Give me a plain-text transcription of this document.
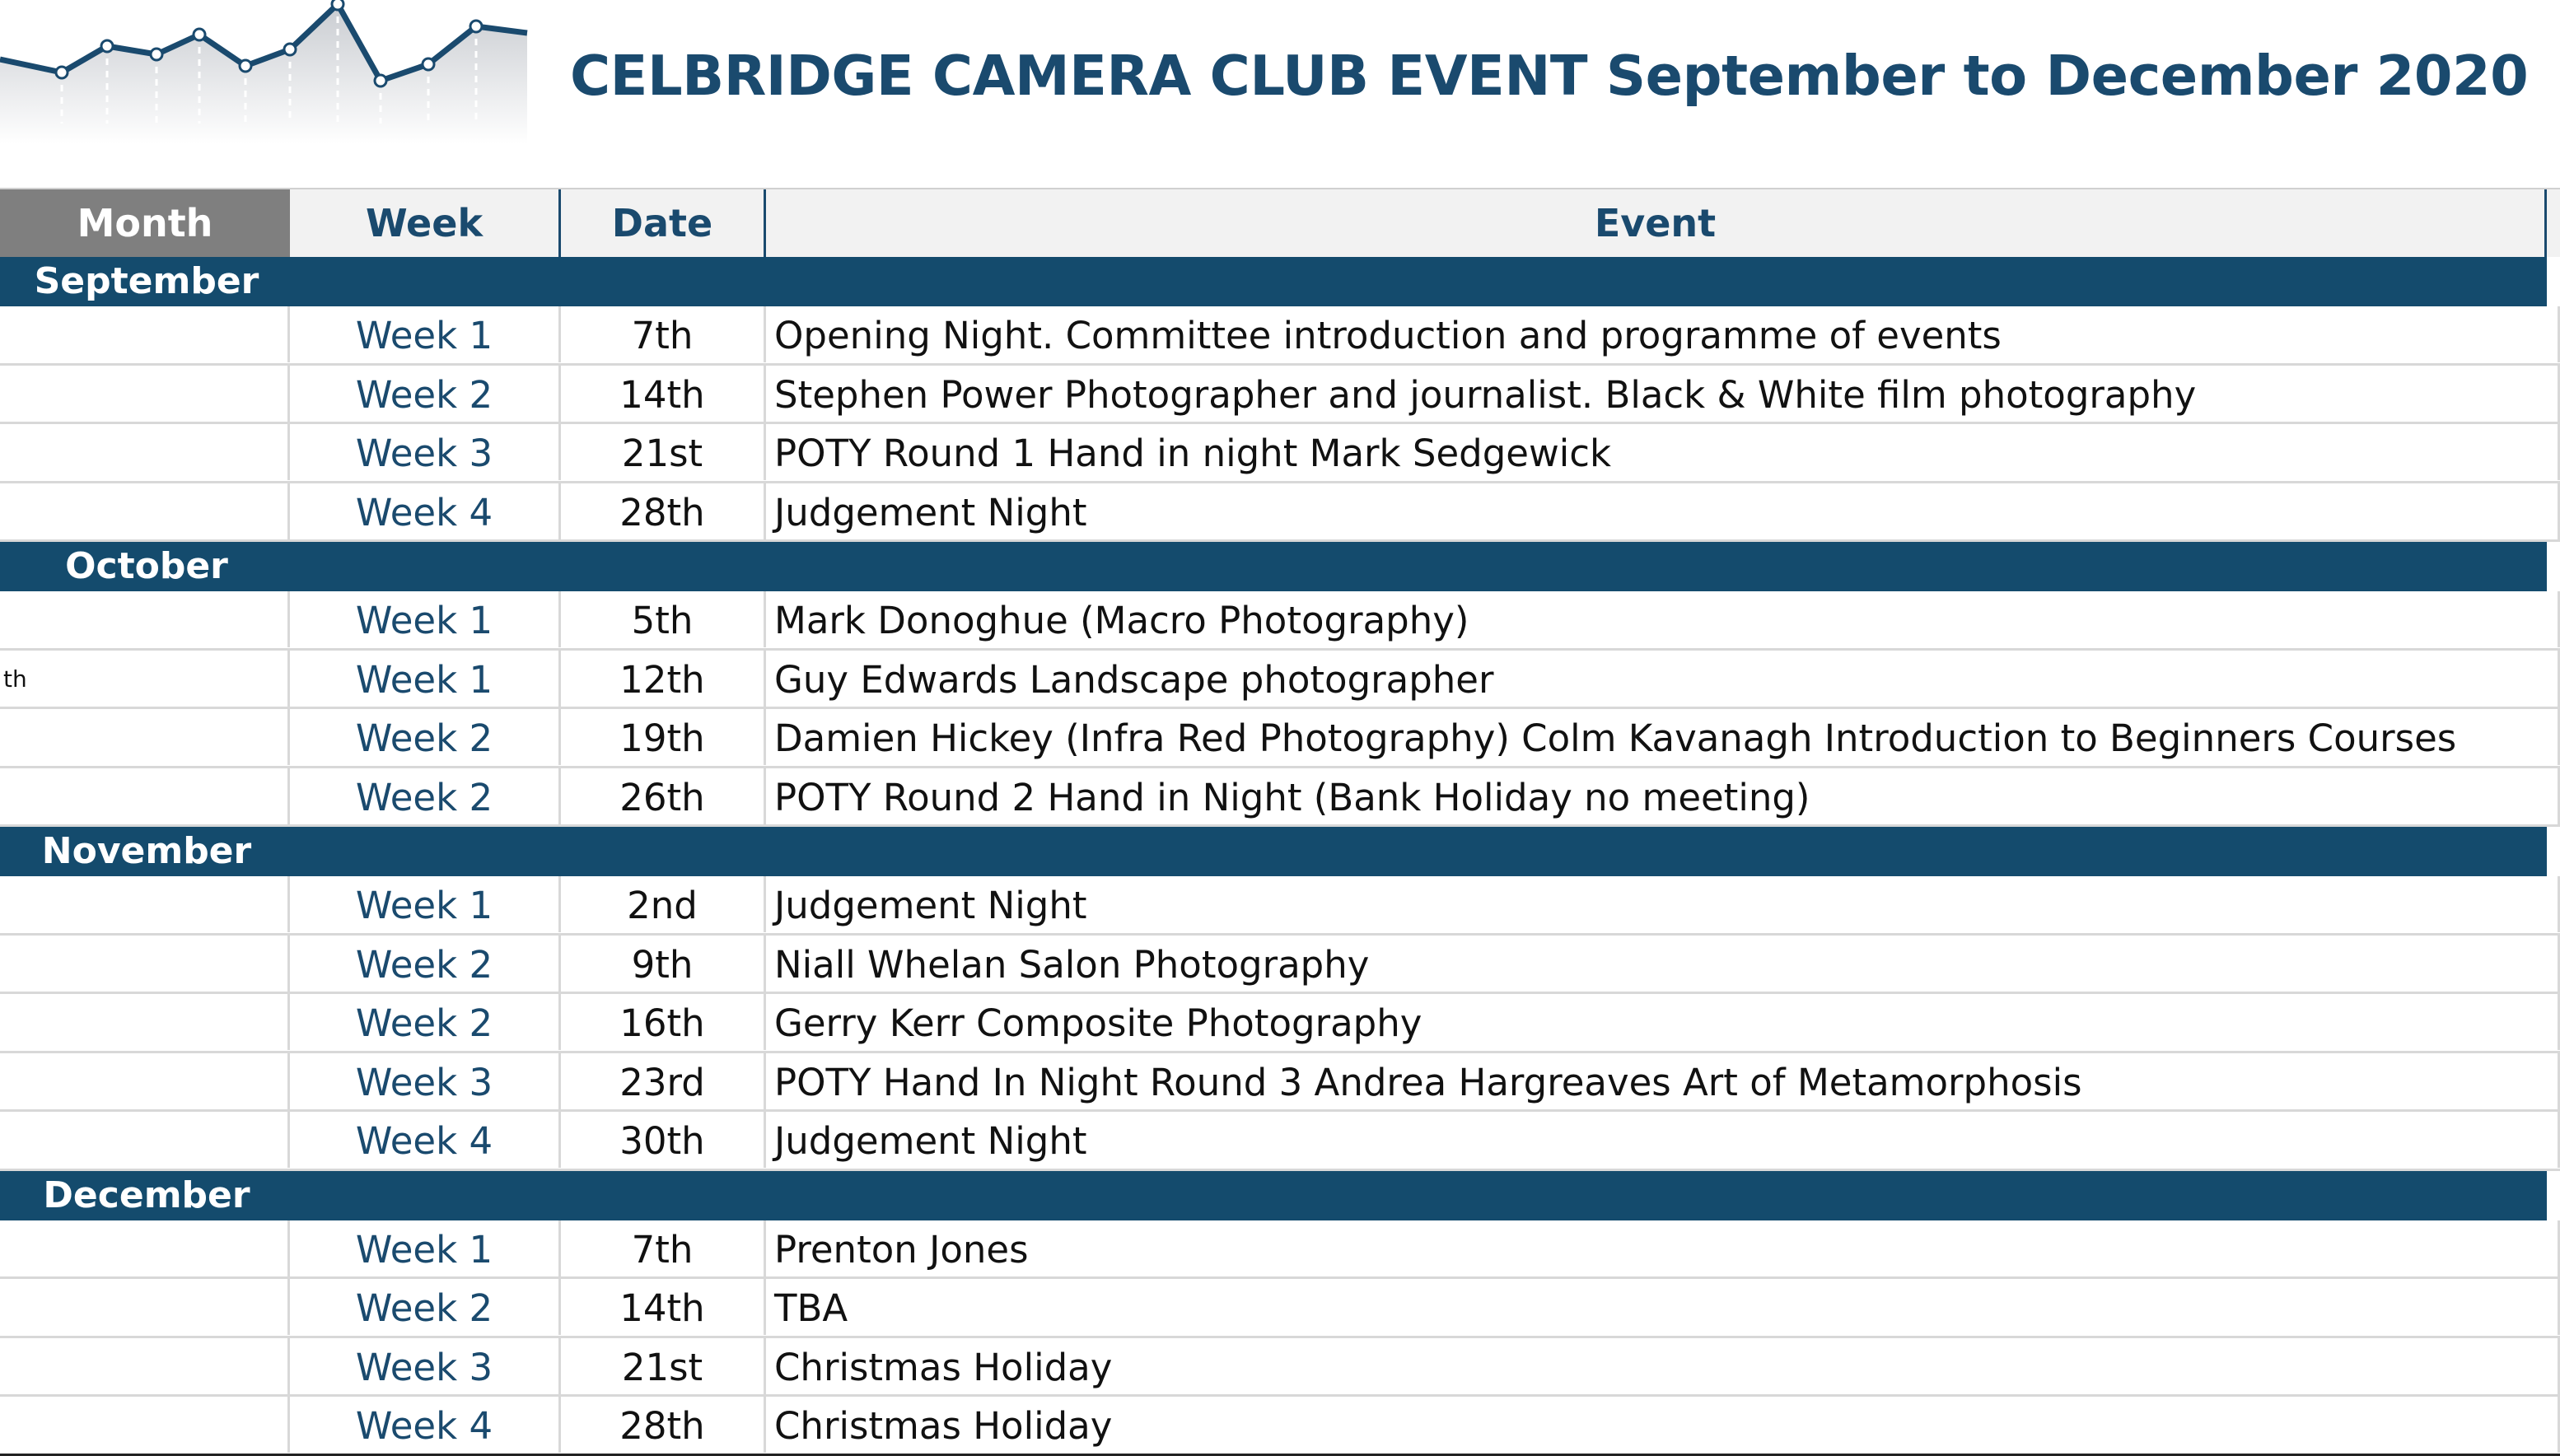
CELBRIDGE CAMERA CLUB EVENT September to December 2020
Month	Week	Date	Event
September
Week 1	7th	Opening Night. Committee introduction and programme of events
Week 2	14th	Stephen Power Photographer and journalist. Black & White film photography
Week 3	21st	POTY Round 1 Hand in night Mark Sedgewick
Week 4	28th	Judgement Night
October
Week 1	5th	Mark Donoghue (Macro Photography)
th	Week 1	12th	Guy Edwards Landscape photographer
Week 2	19th	Damien Hickey (Infra Red Photography) Colm Kavanagh Introduction to Beginners Courses
Week 2	26th	POTY Round 2 Hand in Night (Bank Holiday no meeting)
November
Week 1	2nd	Judgement Night
Week 2	9th	Niall Whelan Salon Photography
Week 2	16th	Gerry Kerr Composite Photography
Week 3	23rd	POTY Hand In Night Round 3 Andrea Hargreaves Art of Metamorphosis
Week 4	30th	Judgement Night
December
Week 1	7th	Prenton Jones
Week 2	14th	TBA
Week 3	21st	Christmas Holiday
Week 4	28th	Christmas Holiday
